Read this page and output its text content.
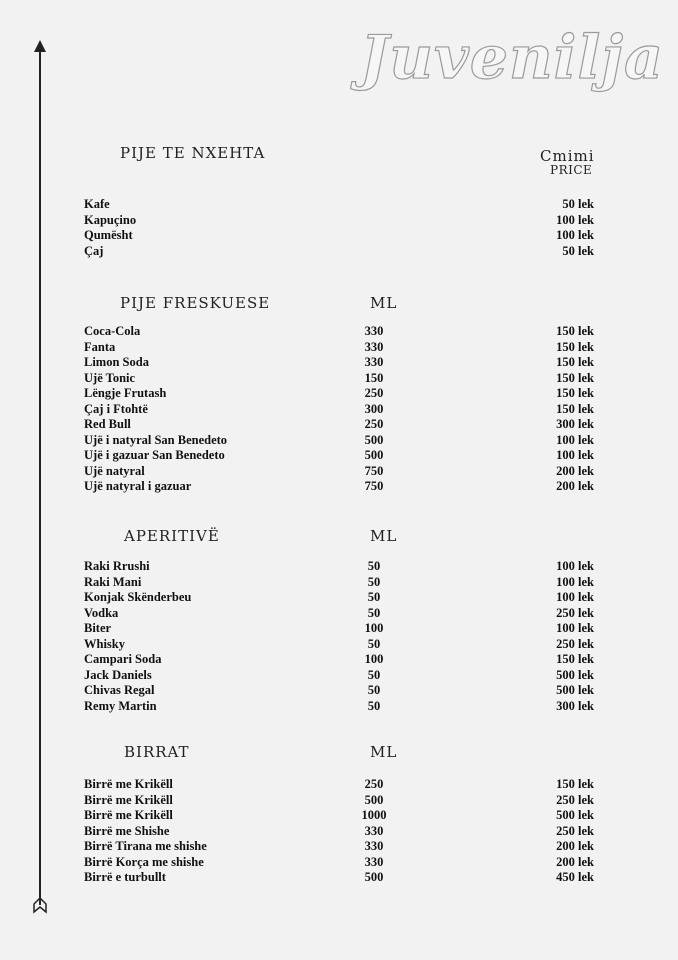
Juvenilja
PIJE TE NXEHTA	Cmimi
PRICE
Kafe	50 lek
Kapuçino	100 lek
Qumësht	100 lek
Çaj	50 lek
PIJE FRESKUESE	ML
Coca-Cola	330	150 lek
Fanta	330	150 lek
Limon Soda	330	150 lek
Ujë Tonic	150	150 lek
Lëngje Frutash	250	150 lek
Çaj i Ftohtë	300	150 lek
Red Bull	250	300 lek
Ujë i natyral San Benedeto	500	100 lek
Ujë i gazuar San Benedeto	500	100 lek
Ujë natyral	750	200 lek
Ujë natyral i gazuar	750	200 lek
APERITIVË	ML
Raki Rrushi	50	100 lek
Raki Mani	50	100 lek
Konjak Skënderbeu	50	100 lek
Vodka	50	250 lek
Biter	100	100 lek
Whisky	50	250 lek
Campari Soda	100	150 lek
Jack Daniels	50	500 lek
Chivas Regal	50	500 lek
Remy Martin	50	300 lek
BIRRAT	ML
Birrë me Krikëll	250	150 lek
Birrë me Krikëll	500	250 lek
Birrë me Krikëll	1000	500 lek
Birrë me Shishe	330	250 lek
Birrë Tirana me shishe	330	200 lek
Birrë Korça me shishe	330	200 lek
Birrë e turbullt	500	450 lek
